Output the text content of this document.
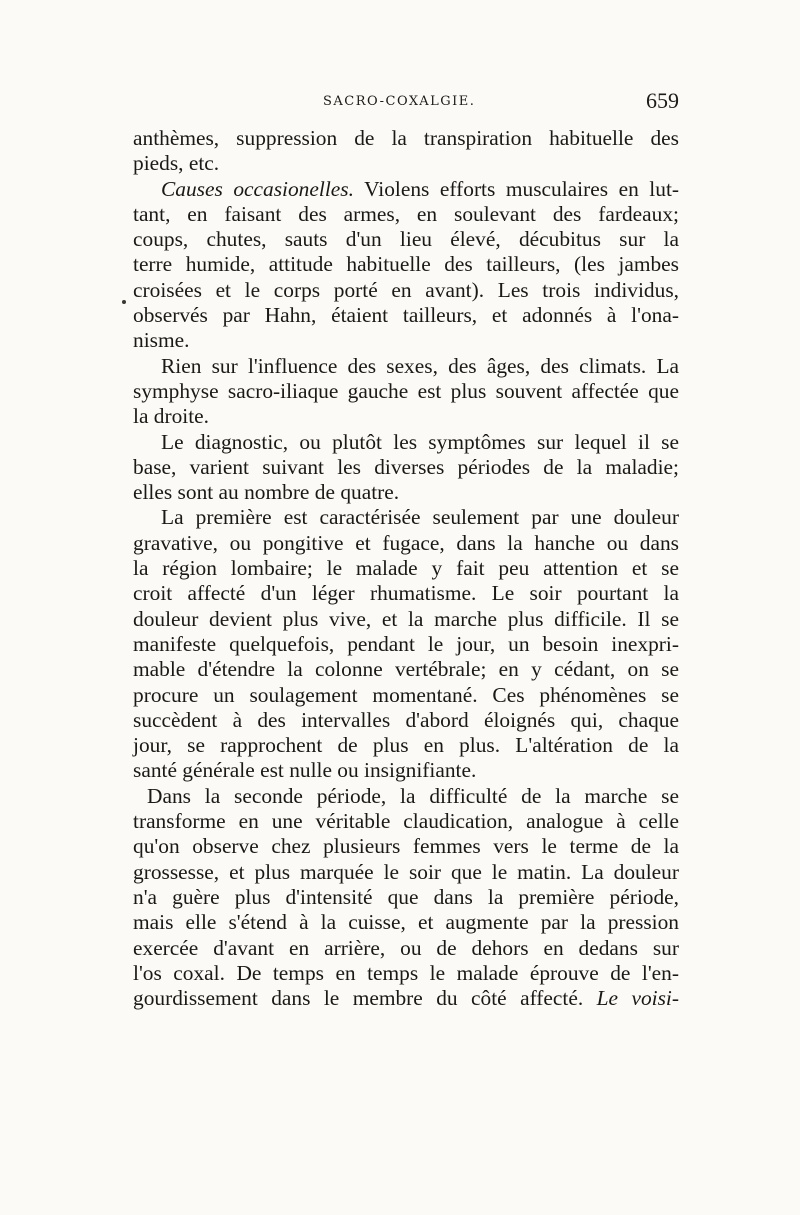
SACRO-COXALGIE.	659
anthèmes, suppression de la transpiration habituelle des
pieds, etc.
Causes occasionelles. Violens efforts musculaires en lut-
tant, en faisant des armes, en soulevant des fardeaux;
coups, chutes, sauts d'un lieu élevé, décubitus sur la
terre humide, attitude habituelle des tailleurs, (les jambes
croisées et le corps porté en avant). Les trois individus,
observés par Hahn, étaient tailleurs, et adonnés à l'ona-
nisme.
Rien sur l'influence des sexes, des âges, des climats. La
symphyse sacro-iliaque gauche est plus souvent affectée que
la droite.
Le diagnostic, ou plutôt les symptômes sur lequel il se
base, varient suivant les diverses périodes de la maladie;
elles sont au nombre de quatre.
La première est caractérisée seulement par une douleur
gravative, ou pongitive et fugace, dans la hanche ou dans
la région lombaire; le malade y fait peu attention et se
croit affecté d'un léger rhumatisme. Le soir pourtant la
douleur devient plus vive, et la marche plus difficile. Il se
manifeste quelquefois, pendant le jour, un besoin inexpri-
mable d'étendre la colonne vertébrale; en y cédant, on se
procure un soulagement momentané. Ces phénomènes se
succèdent à des intervalles d'abord éloignés qui, chaque
jour, se rapprochent de plus en plus. L'altération de la
santé générale est nulle ou insignifiante.
Dans la seconde période, la difficulté de la marche se
transforme en une véritable claudication, analogue à celle
qu'on observe chez plusieurs femmes vers le terme de la
grossesse, et plus marquée le soir que le matin. La douleur
n'a guère plus d'intensité que dans la première période,
mais elle s'étend à la cuisse, et augmente par la pression
exercée d'avant en arrière, ou de dehors en dedans sur
l'os coxal. De temps en temps le malade éprouve de l'en-
gourdissement dans le membre du côté affecté. Le voisi-
